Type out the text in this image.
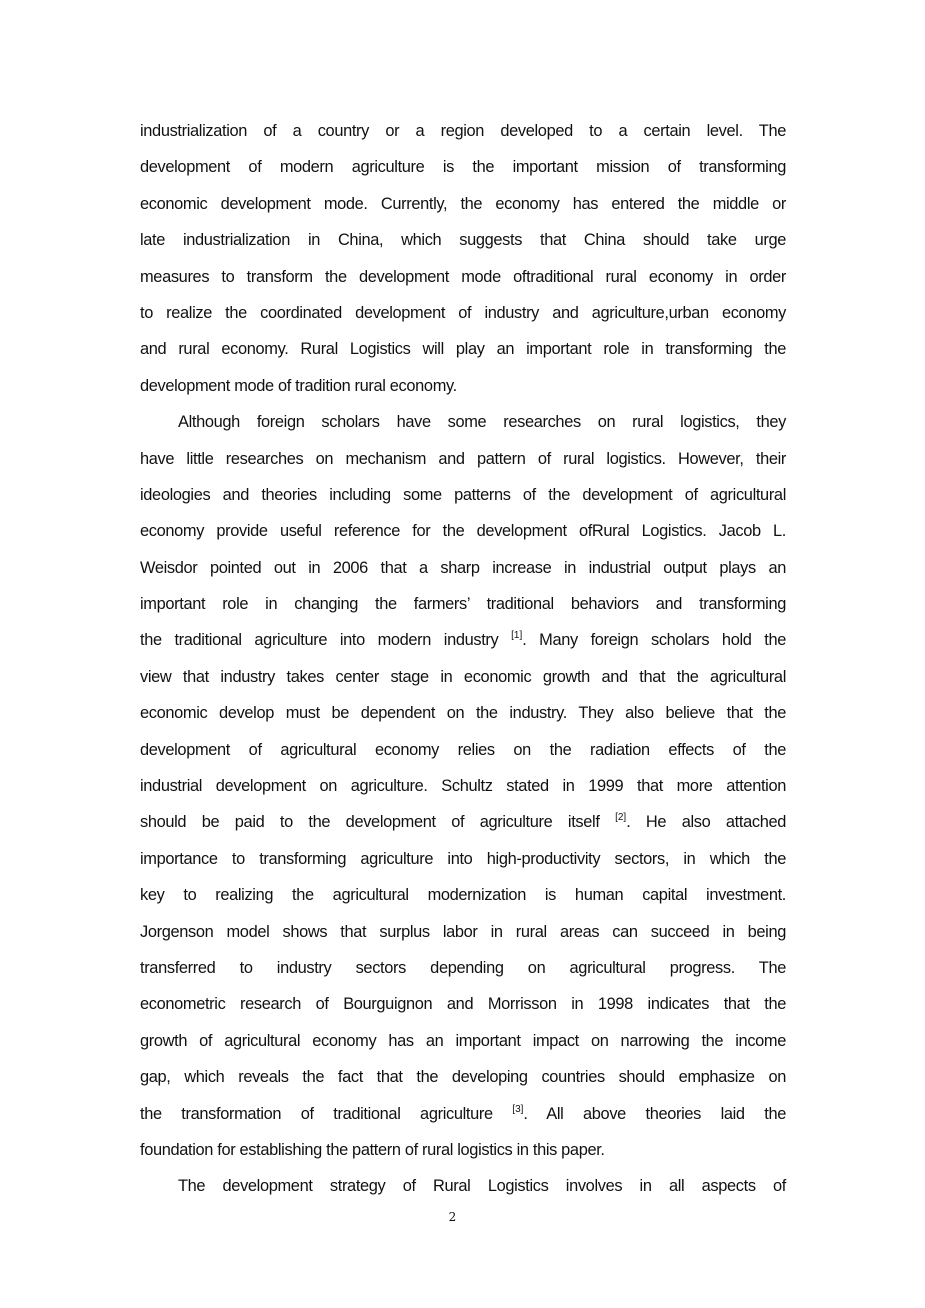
industrialization of a country or a region developed to a certain level. The
development of modern agriculture is the important mission of transforming
economic development mode. Currently, the economy has entered the middle or
late industrialization in China, which suggests that China should take urge
measures to transform the development mode oftraditional rural economy in order
to realize the coordinated development of industry and agriculture,urban economy
and rural economy. Rural Logistics will play an important role in transforming the
development mode of tradition rural economy.
Although foreign scholars have some researches on rural logistics, they
have little researches on mechanism and pattern of rural logistics. However, their
ideologies and theories including some patterns of the development of agricultural
economy provide useful reference for the development ofRural Logistics. Jacob L.
Weisdor pointed out in 2006 that a sharp increase in industrial output plays an
important role in changing the farmers’ traditional behaviors and transforming
the traditional agriculture into modern industry [1]. Many foreign scholars hold the
view that industry takes center stage in economic growth and that the agricultural
economic develop must be dependent on the industry. They also believe that the
development of agricultural economy relies on the radiation effects of the
industrial development on agriculture. Schultz stated in 1999 that more attention
should be paid to the development of agriculture itself [2]. He also attached
importance to transforming agriculture into high-productivity sectors, in which the
key to realizing the agricultural modernization is human capital investment.
Jorgenson model shows that surplus labor in rural areas can succeed in being
transferred to industry sectors depending on agricultural progress. The
econometric research of Bourguignon and Morrisson in 1998 indicates that the
growth of agricultural economy has an important impact on narrowing the income
gap, which reveals the fact that the developing countries should emphasize on
the transformation of traditional agriculture [3]. All above theories laid the
foundation for establishing the pattern of rural logistics in this paper.
The development strategy of Rural Logistics involves in all aspects of
2
